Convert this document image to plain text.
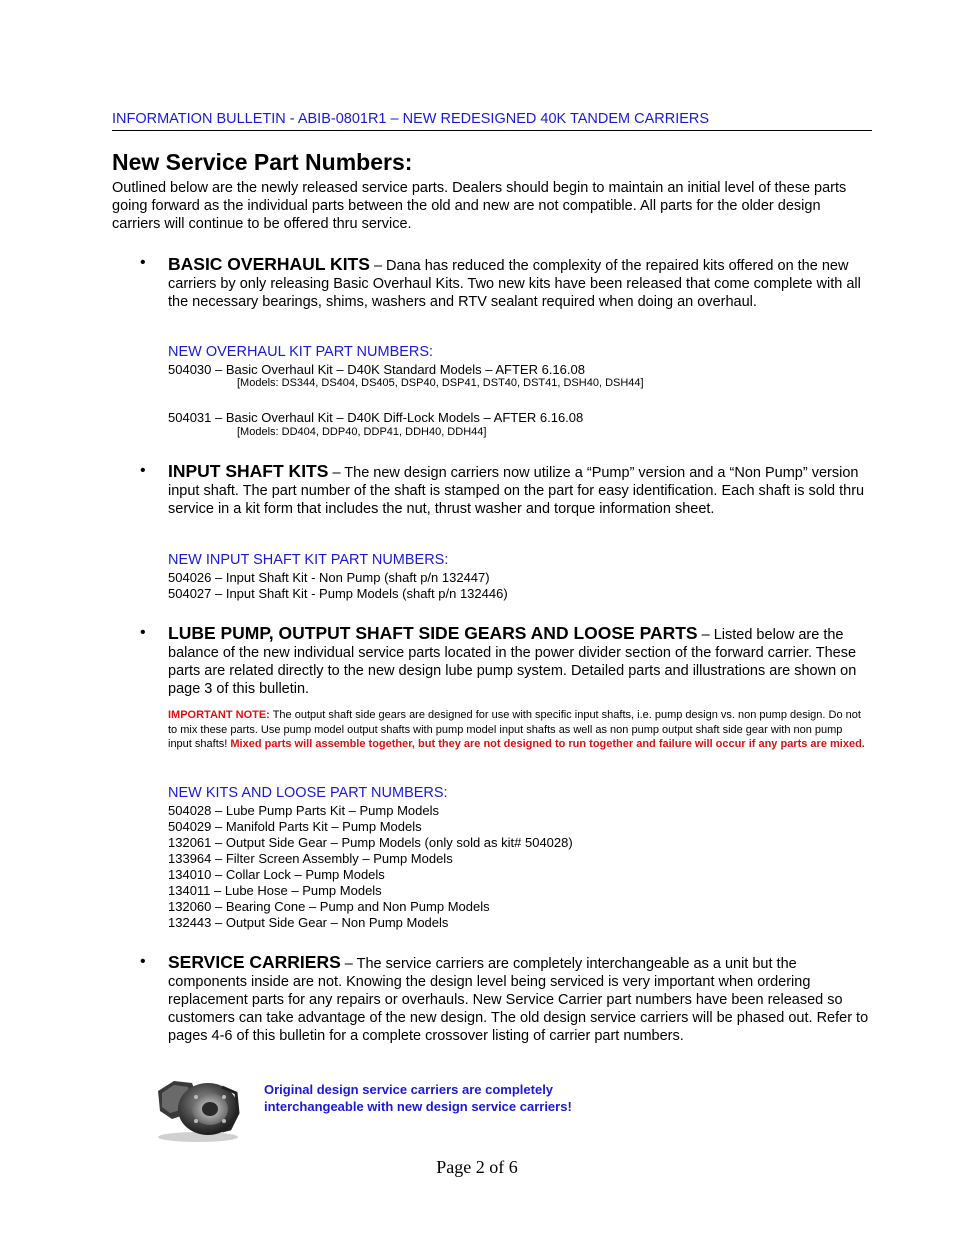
INFORMATION BULLETIN - ABIB-0801R1 – NEW REDESIGNED 40K TANDEM CARRIERS
New Service Part Numbers:

Outlined below are the newly released service parts. Dealers should begin to maintain an initial level of these parts going forward as the individual parts between the old and new are not compatible. All parts for the older design carriers will continue to be offered thru service.

• BASIC OVERHAUL KITS – Dana has reduced the complexity of the repaired kits offered on the new carriers by only releasing Basic Overhaul Kits. Two new kits have been released that come complete with all the necessary bearings, shims, washers and RTV sealant required when doing an overhaul.

NEW OVERHAUL KIT PART NUMBERS:
504030 – Basic Overhaul Kit – D40K Standard Models – AFTER 6.16.08
[Models: DS344, DS404, DS405, DSP40, DSP41, DST40, DST41, DSH40, DSH44]
504031 – Basic Overhaul Kit – D40K Diff-Lock Models – AFTER 6.16.08
[Models: DD404, DDP40, DDP41, DDH40, DDH44]
• INPUT SHAFT KITS – The new design carriers now utilize a “Pump” version and a “Non Pump” version input shaft. The part number of the shaft is stamped on the part for easy identification. Each shaft is sold thru service in a kit form that includes the nut, thrust washer and torque information sheet.

NEW INPUT SHAFT KIT PART NUMBERS:
504026 – Input Shaft Kit - Non Pump (shaft p/n 132447)
504027 – Input Shaft Kit - Pump Models (shaft p/n 132446)
• LUBE PUMP, OUTPUT SHAFT SIDE GEARS AND LOOSE PARTS – Listed below are the balance of the new individual service parts located in the power divider section of the forward carrier. These parts are related directly to the new design lube pump system. Detailed parts and illustrations are shown on page 3 of this bulletin.

IMPORTANT NOTE: The output shaft side gears are designed for use with specific input shafts, i.e. pump design vs. non pump design. Do not to mix these parts. Use pump model output shafts with pump model input shafts as well as non pump output shaft side gear with non pump input shafts! Mixed parts will assemble together, but they are not designed to run together and failure will occur if any parts are mixed.

NEW KITS AND LOOSE PART NUMBERS:
504028 – Lube Pump Parts Kit – Pump Models
504029 – Manifold Parts Kit – Pump Models
132061 – Output Side Gear – Pump Models (only sold as kit# 504028)
133964 – Filter Screen Assembly – Pump Models
134010 – Collar Lock – Pump Models
134011 – Lube Hose – Pump Models
132060 – Bearing Cone – Pump and Non Pump Models
132443 – Output Side Gear – Non Pump Models
• SERVICE CARRIERS – The service carriers are completely interchangeable as a unit but the components inside are not. Knowing the design level being serviced is very important when ordering replacement parts for any repairs or overhauls. New Service Carrier part numbers have been released so customers can take advantage of the new design. The old design service carriers will be phased out. Refer to pages 4-6 of this bulletin for a complete crossover listing of carrier part numbers.

Original design service carriers are completely
interchangeable with new design service carriers!

Page 2 of 6
